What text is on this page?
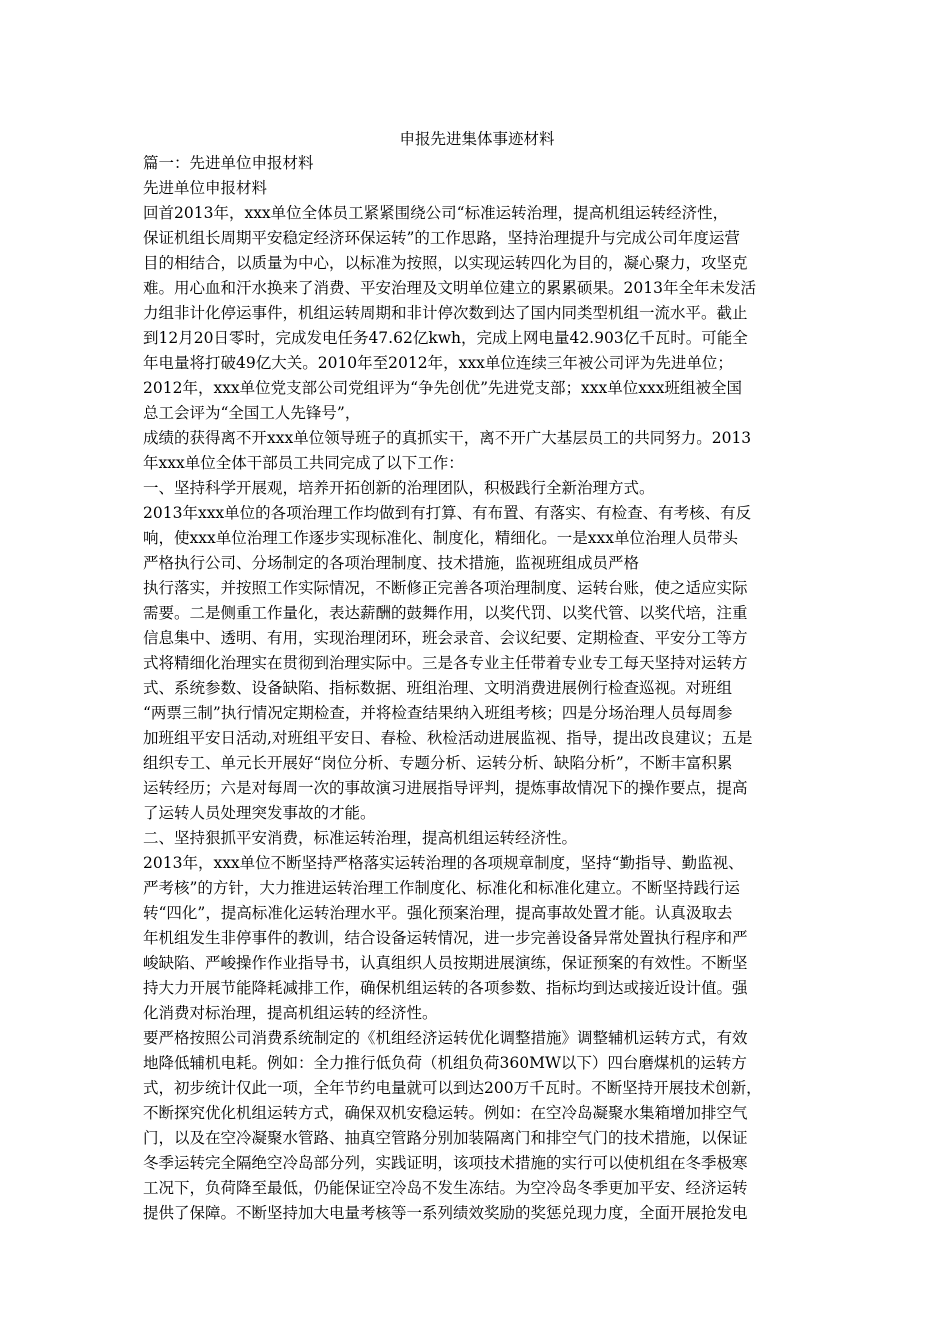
申报先进集体事迹材料
篇一：先进单位申报材料
先进单位申报材料
回首2013年，xxx单位全体员工紧紧围绕公司“标准运转治理，提高机组运转经济性，
保证机组长周期平安稳定经济环保运转”的工作思路，坚持治理提升与完成公司年度运营
目的相结合，以质量为中心，以标准为按照，以实现运转四化为目的，凝心聚力，攻坚克
难。用心血和汗水换来了消费、平安治理及文明单位建立的累累硕果。2013年全年未发活
力组非计化停运事件，机组运转周期和非计停次数到达了国内同类型机组一流水平。截止
到12月20日零时，完成发电任务47.62亿kwh，完成上网电量42.903亿千瓦时。可能全
年电量将打破49亿大关。2010年至2012年，xxx单位连续三年被公司评为先进单位；
2012年，xxx单位党支部公司党组评为“争先创优”先进党支部；xxx单位xxx班组被全国
总工会评为“全国工人先锋号”，
成绩的获得离不开xxx单位领导班子的真抓实干，离不开广大基层员工的共同努力。2013
年xxx单位全体干部员工共同完成了以下工作：
一、坚持科学开展观，培养开拓创新的治理团队，积极践行全新治理方式。
2013年xxx单位的各项治理工作均做到有打算、有布置、有落实、有检查、有考核、有反
响，使xxx单位治理工作逐步实现标准化、制度化，精细化。一是xxx单位治理人员带头
严格执行公司、分场制定的各项治理制度、技术措施，监视班组成员严格
执行落实，并按照工作实际情况，不断修正完善各项治理制度、运转台账，使之适应实际
需要。二是侧重工作量化，表达薪酬的鼓舞作用，以奖代罚、以奖代管、以奖代培，注重
信息集中、透明、有用，实现治理闭环，班会录音、会议纪要、定期检查、平安分工等方
式将精细化治理实在贯彻到治理实际中。三是各专业主任带着专业专工每天坚持对运转方
式、系统参数、设备缺陷、指标数据、班组治理、文明消费进展例行检查巡视。对班组
“两票三制”执行情况定期检查，并将检查结果纳入班组考核；四是分场治理人员每周参
加班组平安日活动,对班组平安日、春检、秋检活动进展监视、指导，提出改良建议；五是
组织专工、单元长开展好“岗位分析、专题分析、运转分析、缺陷分析”，不断丰富积累
运转经历；六是对每周一次的事故演习进展指导评判，提炼事故情况下的操作要点，提高
了运转人员处理突发事故的才能。
二、坚持狠抓平安消费，标准运转治理，提高机组运转经济性。
2013年，xxx单位不断坚持严格落实运转治理的各项规章制度，坚持“勤指导、勤监视、
严考核”的方针，大力推进运转治理工作制度化、标准化和标准化建立。不断坚持践行运
转“四化”，提高标准化运转治理水平。强化预案治理，提高事故处置才能。认真汲取去
年机组发生非停事件的教训，结合设备运转情况，进一步完善设备异常处置执行程序和严
峻缺陷、严峻操作作业指导书，认真组织人员按期进展演练，保证预案的有效性。不断坚
持大力开展节能降耗减排工作，确保机组运转的各项参数、指标均到达或接近设计值。强
化消费对标治理，提高机组运转的经济性。
要严格按照公司消费系统制定的《机组经济运转优化调整措施》调整辅机运转方式，有效
地降低辅机电耗。例如：全力推行低负荷（机组负荷360MW以下）四台磨煤机的运转方
式，初步统计仅此一项，全年节约电量就可以到达200万千瓦时。不断坚持开展技术创新，
不断探究优化机组运转方式，确保双机安稳运转。例如：在空冷岛凝聚水集箱增加排空气
门，以及在空冷凝聚水管路、抽真空管路分别加装隔离门和排空气门的技术措施，以保证
冬季运转完全隔绝空冷岛部分列，实践证明，该项技术措施的实行可以使机组在冬季极寒
工况下，负荷降至最低，仍能保证空冷岛不发生冻结。为空冷岛冬季更加平安、经济运转
提供了保障。不断坚持加大电量考核等一系列绩效奖励的奖惩兑现力度，全面开展抢发电
